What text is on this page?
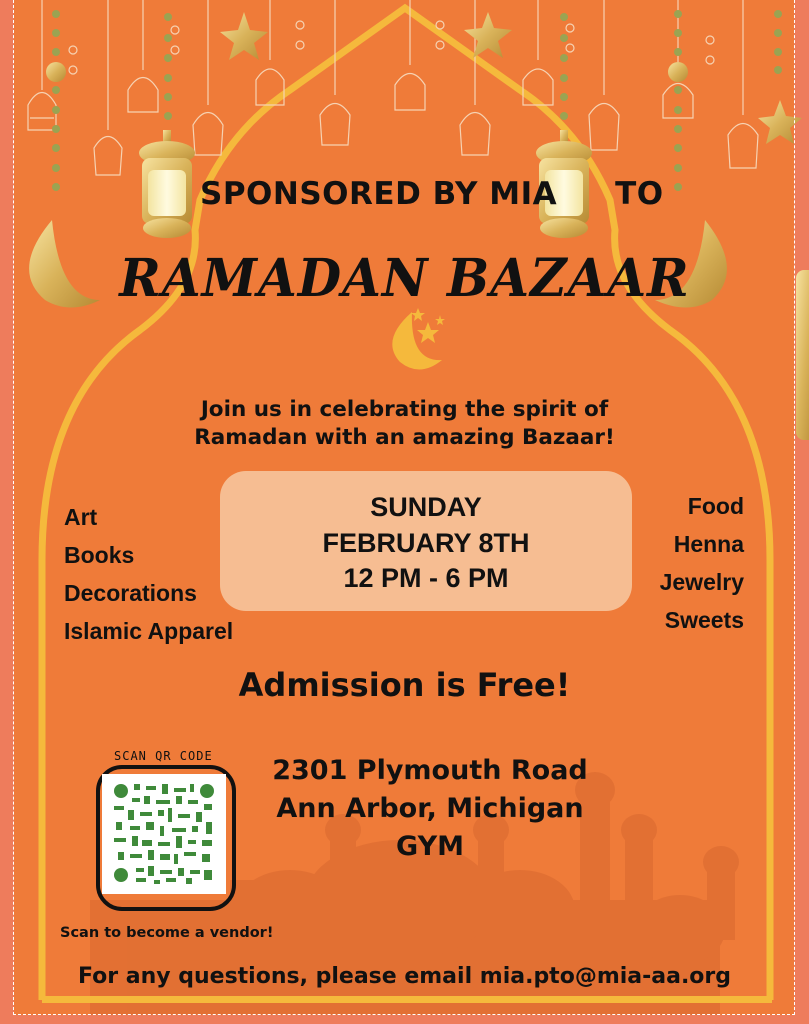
SPONSORED BY MIA TO
RAMADAN BAZAAR
Join us in celebrating the spirit of
Ramadan with an amazing Bazaar!
SUNDAY
FEBRUARY 8TH
12 PM - 6 PM
Art
Books
Decorations
Islamic Apparel
Food
Henna
Jewelry
Sweets
Admission is Free!
2301 Plymouth Road
Ann Arbor, Michigan
GYM
SCAN QR CODE
Scan to become a vendor!
For any questions, please email mia.pto@mia-aa.org
